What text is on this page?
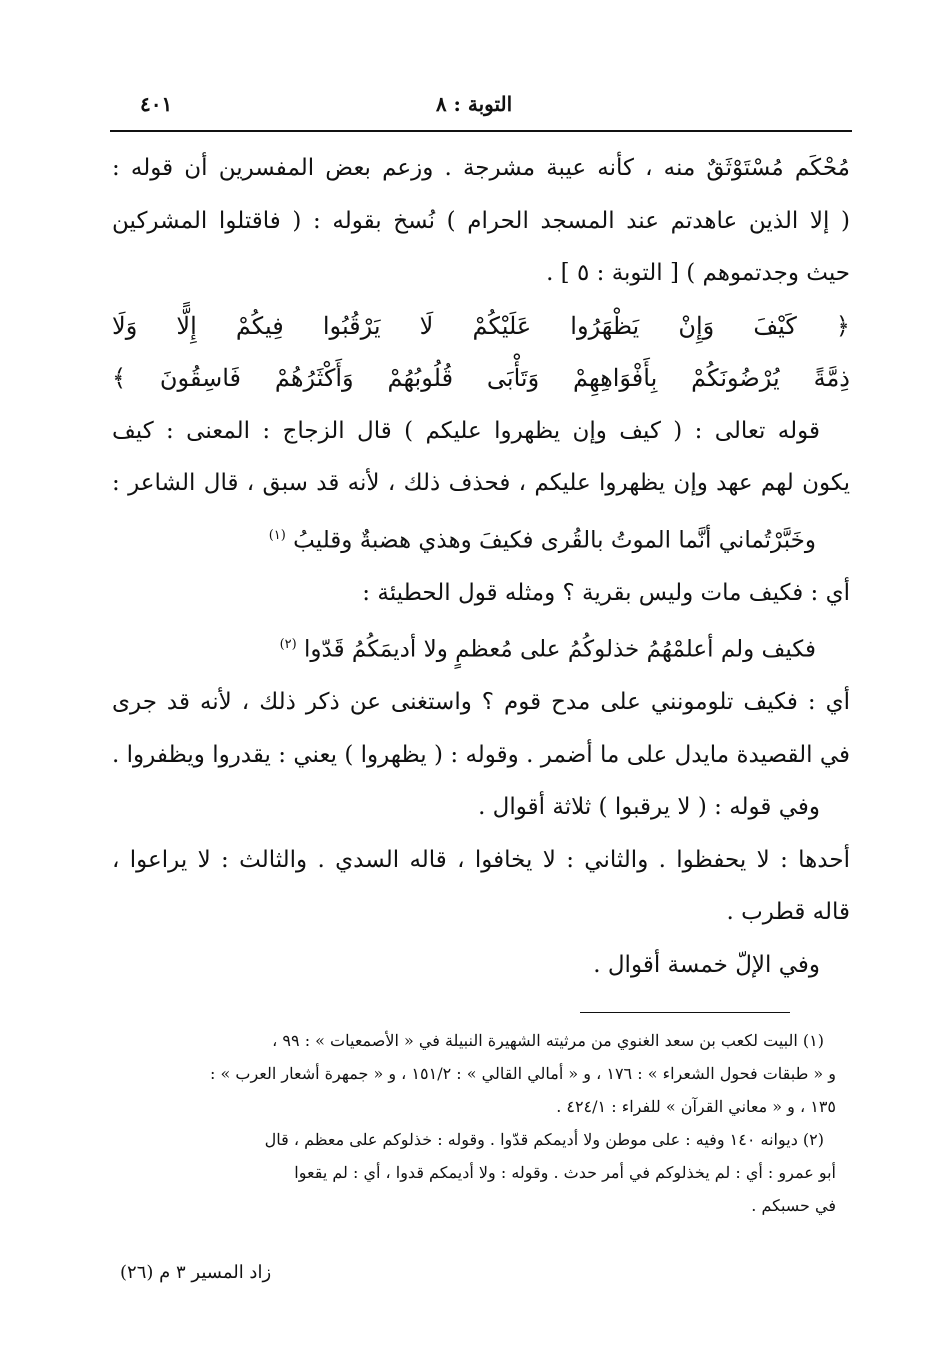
٤٠١	التوبة : ٨
مُحْكَم مُسْتَوْثَقٌ منه ، كأنه عيبة مشرجة . وزعم بعض المفسرين أن قوله :
( إلا الذين عاهدتم عند المسجد الحرام ) نُسخ بقوله : ( فاقتلوا المشركين
حيث وجدتموهم ) [ التوبة : ٥ ] .
﴿ كَيْفَ وَإِنْ يَظْهَرُوا عَلَيْكُمْ لَا يَرْقُبُوا فِيكُمْ إِلًّا وَلَا
ذِمَّةً يُرْضُونَكُمْ بِأَفْوَاهِهِمْ وَتَأْبَى قُلُوبُهُمْ وَأَكْثَرُهُمْ فَاسِقُونَ ﴾
قوله تعالى : ( كيف وإن يظهروا عليكم ) قال الزجاج : المعنى : كيف
يكون لهم عهد وإن يظهروا عليكم ، فحذف ذلك ، لأنه قد سبق ، قال الشاعر :
وخَبَّرْتُماني أنَّما الموتُ بالقُرى فكيفَ وهذي هضبةٌ وقليبُ $^{(١)}$
أي : فكيف مات وليس بقرية ؟ ومثله قول الحطيئة :
فكيف ولم أعلمْهُمُ خذلوكُمُ على مُعظمٍ ولا أديمَكُمُ قَدّوا $^{(٢)}$
أي : فكيف تلومونني على مدح قوم ؟ واستغنى عن ذكر ذلك ، لأنه قد جرى
في القصيدة مايدل على ما أضمر . وقوله : ( يظهروا ) يعني : يقدروا ويظفروا .
وفي قوله : ( لا يرقبوا ) ثلاثة أقوال .
أحدها : لا يحفظوا . والثاني : لا يخافوا ، قاله السدي . والثالث : لا يراعوا ،
قاله قطرب .
وفي الإلّ خمسة أقوال .
(١) البيت لكعب بن سعد الغنوي من مرثيته الشهيرة النبيلة في « الأصمعيات » : ٩٩ ،
و « طبقات فحول الشعراء » : ١٧٦ ، و « أمالي القالي » : ١٥١/٢ ، و « جمهرة أشعار العرب » :
١٣٥ ، و « معاني القرآن » للفراء : ٤٢٤/١ .
(٢) ديوانه ١٤٠ وفيه : على موطن ولا أديمكم قدّوا . وقوله : خذلوكم على معظم ، قال
أبو عمرو : أي : لم يخذلوكم في أمر حدث . وقوله : ولا أديمكم قدوا ، أي : لم يقعوا
في حسبكم .
زاد المسير ٣ م (٢٦)
